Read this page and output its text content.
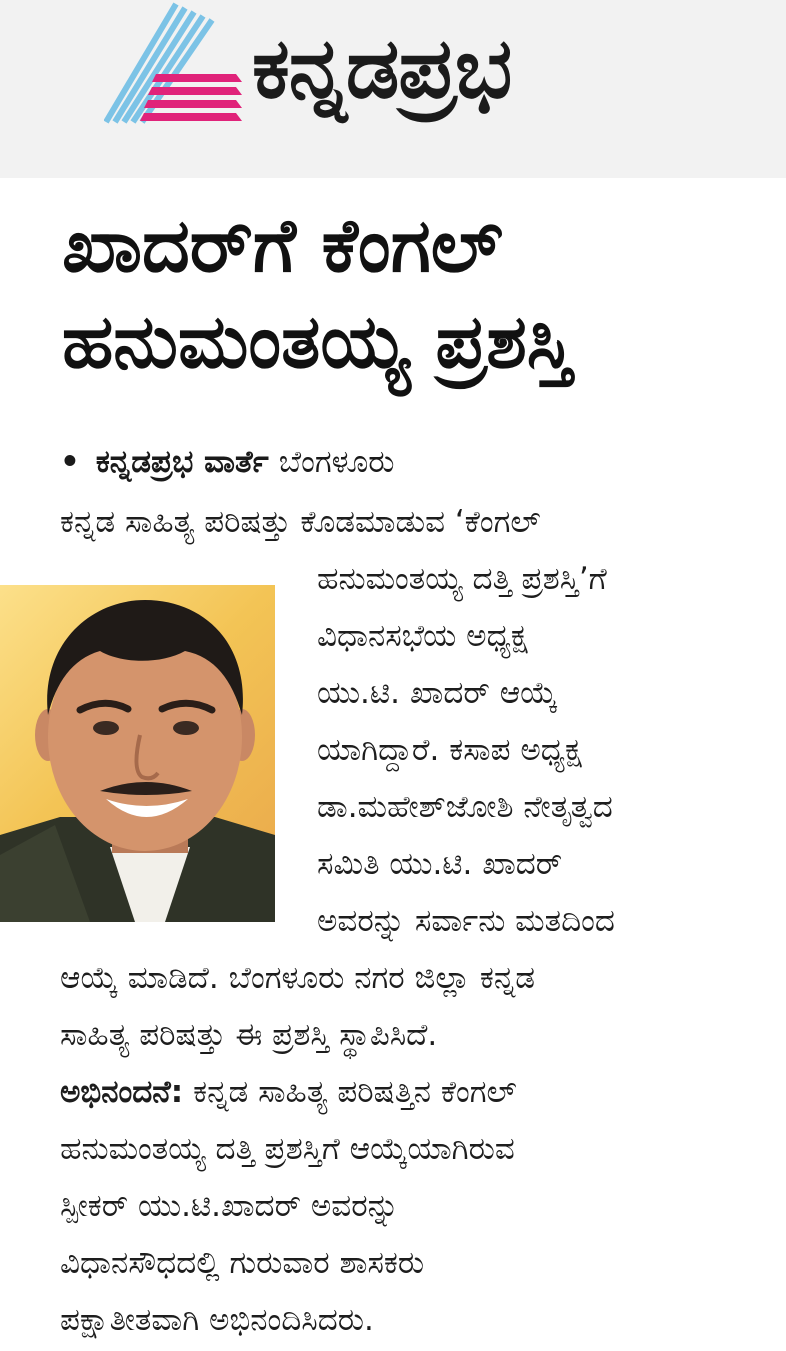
ಕನ್ನಡಪ್ರಭ
ಖಾದರ್‌ಗೆ ಕೆಂಗಲ್
ಹನುಮಂತಯ್ಯ ಪ್ರಶಸ್ತಿ
• ಕನ್ನಡಪ್ರಭ ವಾರ್ತೆ ಬೆಂಗಳೂರು

ಕನ್ನಡ ಸಾಹಿತ್ಯ ಪರಿಷತ್ತು ಕೊಡಮಾಡುವ ‘ಕೆಂಗಲ್

ಹನುಮಂತಯ್ಯ ದತ್ತಿ ಪ್ರಶಸ್ತಿ’ಗೆ

ವಿಧಾನಸಭೆಯ ಅಧ್ಯಕ್ಷ

ಯು.ಟಿ. ಖಾದರ್ ಆಯ್ಕೆ

ಯಾಗಿದ್ದಾರೆ. ಕಸಾಪ ಅಧ್ಯಕ್ಷ

ಡಾ.ಮಹೇಶ್‌ಜೋಶಿ ನೇತೃತ್ವದ

ಸಮಿತಿ ಯು.ಟಿ. ಖಾದರ್

ಅವರನ್ನು ಸರ್ವಾನು ಮತದಿಂದ

ಆಯ್ಕೆ ಮಾಡಿದೆ. ಬೆಂಗಳೂರು ನಗರ ಜಿಲ್ಲಾ ಕನ್ನಡ

ಸಾಹಿತ್ಯ ಪರಿಷತ್ತು ಈ ಪ್ರಶಸ್ತಿ ಸ್ಥಾಪಿಸಿದೆ.

ಅಭಿನಂದನೆ: ಕನ್ನಡ ಸಾಹಿತ್ಯ ಪರಿಷತ್ತಿನ ಕೆಂಗಲ್

ಹನುಮಂತಯ್ಯ ದತ್ತಿ ಪ್ರಶಸ್ತಿಗೆ ಆಯ್ಕೆಯಾಗಿರುವ

ಸ್ಪೀಕರ್ ಯು.ಟಿ.ಖಾದರ್ ಅವರನ್ನು

ವಿಧಾನಸೌಧದಲ್ಲಿ ಗುರುವಾರ ಶಾಸಕರು

ಪಕ್ಷಾತೀತವಾಗಿ ಅಭಿನಂದಿಸಿದರು.
